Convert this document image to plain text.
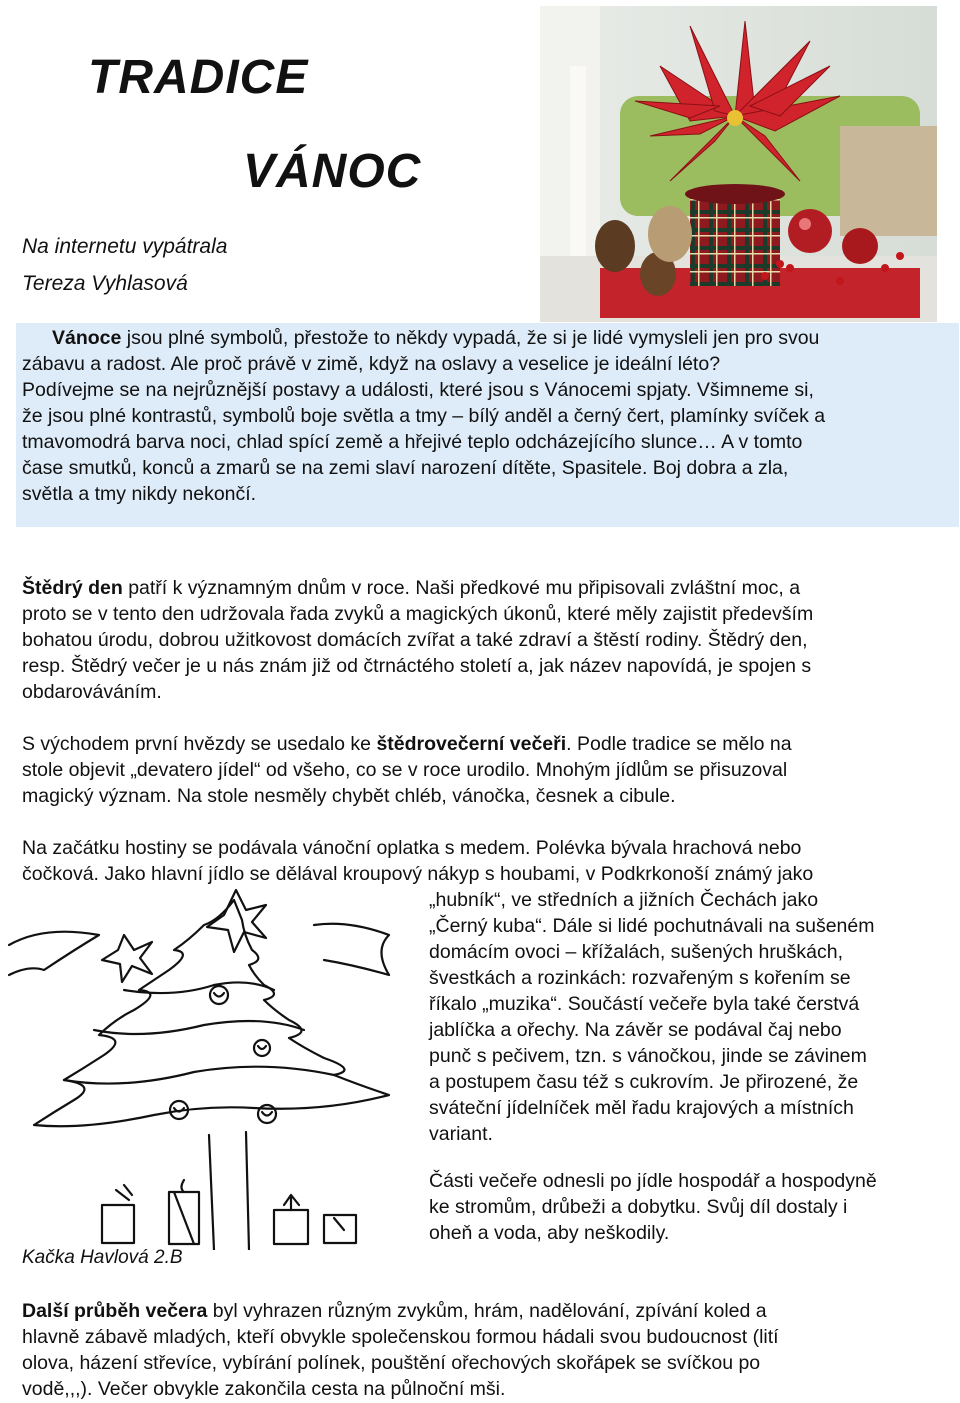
TRADICE
VÁNOC
Na internetu vypátrala
Tereza Vyhlasová
Vánoce jsou plné symbolů, přestože to někdy vypadá, že si je lidé vymysleli jen pro svou
zábavu a radost. Ale proč právě v zimě, když na oslavy a veselice je ideální léto?
Podívejme se na nejrůznější postavy a události, které jsou s Vánocemi spjaty. Všimneme si,
že jsou plné kontrastů, symbolů boje světla a tmy – bílý anděl a černý čert, plamínky svíček a
tmavomodrá barva noci, chlad spící země a hřejivé teplo odcházejícího slunce… A v tomto
čase smutků, konců a zmarů se na zemi slaví narození dítěte, Spasitele. Boj dobra a zla,
světla a tmy nikdy nekončí.
Štědrý den patří k významným dnům v roce. Naši předkové mu připisovali zvláštní moc, a
proto se v tento den udržovala řada zvyků a magických úkonů, které měly zajistit především
bohatou úrodu, dobrou užitkovost domácích zvířat a také zdraví a štěstí rodiny. Štědrý den,
resp. Štědrý večer je u nás znám již od čtrnáctého století a, jak název napovídá, je spojen s
obdarováváním.
S východem první hvězdy se usedalo ke štědrovečerní večeři. Podle tradice se mělo na
stole objevit „devatero jídel“ od všeho, co se v roce urodilo. Mnohým jídlům se přisuzoval
magický význam. Na stole nesměly chybět chléb, vánočka, česnek a cibule.
Na začátku hostiny se podávala vánoční oplatka s medem. Polévka bývala hrachová nebo
čočková. Jako hlavní jídlo se dělával kroupový nákyp s houbami, v Podkrkonoší známý jako
„hubník“, ve středních a jižních Čechách jako
„Černý kuba“. Dále si lidé pochutnávali na sušeném
domácím ovoci – křížalách, sušených hruškách,
švestkách a rozinkách: rozvařeným s kořením se
říkalo „muzika“. Součástí večeře byla také čerstvá
jablíčka a ořechy. Na závěr se podával čaj nebo
punč s pečivem, tzn. s vánočkou, jinde se závinem
a postupem času též s cukrovím. Je přirozené, že
sváteční jídelníček měl řadu krajových a místních
variant.
Části večeře odnesli po jídle hospodář a hospodyně
ke stromům, drůbeži a dobytku. Svůj díl dostaly i
oheň a voda, aby neškodily.
Kačka Havlová 2.B
Další průběh večera byl vyhrazen různým zvykům, hrám, nadělování, zpívání koled a
hlavně zábavě mladých, kteří obvykle společenskou formou hádali svou budoucnost (lití
olova, házení střevíce, vybírání polínek, pouštění ořechových skořápek se svíčkou po
vodě,,,). Večer obvykle zakončila cesta na půlnoční mši.
